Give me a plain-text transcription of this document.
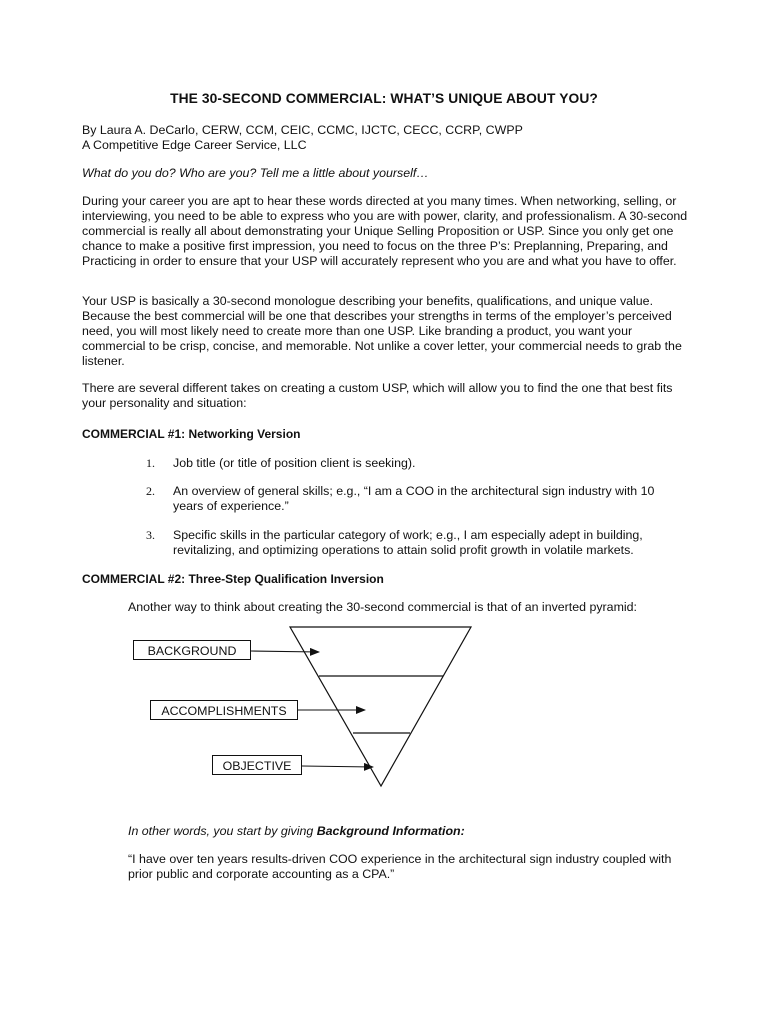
THE 30-SECOND COMMERCIAL: WHAT’S UNIQUE ABOUT YOU?
By Laura A. DeCarlo, CERW, CCM, CEIC, CCMC, IJCTC, CECC, CCRP, CWPP
A Competitive Edge Career Service, LLC
What do you do? Who are you? Tell me a little about yourself…
During your career you are apt to hear these words directed at you many times. When networking, selling, or interviewing, you need to be able to express who you are with power, clarity, and professionalism. A 30-second commercial is really all about demonstrating your Unique Selling Proposition or USP. Since you only get one chance to make a positive first impression, you need to focus on the three P’s: Preplanning, Preparing, and Practicing in order to ensure that your USP will accurately represent who you are and what you have to offer.
Your USP is basically a 30-second monologue describing your benefits, qualifications, and unique value. Because the best commercial will be one that describes your strengths in terms of the employer’s perceived need, you will most likely need to create more than one USP. Like branding a product, you want your commercial to be crisp, concise, and memorable. Not unlike a cover letter, your commercial needs to grab the listener.
There are several different takes on creating a custom USP, which will allow you to find the one that best fits your personality and situation:
COMMERCIAL #1: Networking Version
1. Job title (or title of position client is seeking).
2. An overview of general skills; e.g., “I am a COO in the architectural sign industry with 10 years of experience.”
3. Specific skills in the particular category of work; e.g., I am especially adept in building, revitalizing, and optimizing operations to attain solid profit growth in volatile markets.
COMMERCIAL #2: Three-Step Qualification Inversion
Another way to think about creating the 30-second commercial is that of an inverted pyramid:
BACKGROUND
ACCOMPLISHMENTS
OBJECTIVE
In other words, you start by giving Background Information:
“I have over ten years results-driven COO experience in the architectural sign industry coupled with prior public and corporate accounting as a CPA.”
